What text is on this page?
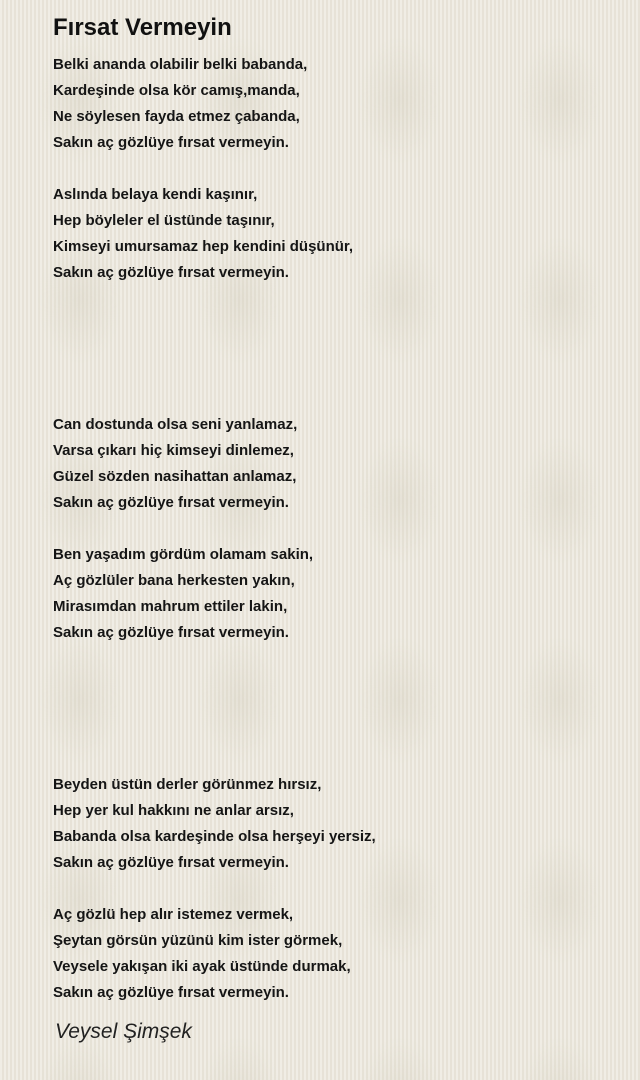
Fırsat Vermeyin
Belki ananda olabilir belki babanda,
Kardeşinde olsa kör camış,manda,
Ne söylesen fayda etmez çabanda,
Sakın aç gözlüye fırsat vermeyin.
Aslında belaya kendi kaşınır,
Hep böyleler el üstünde taşınır,
Kimseyi umursamaz hep kendini düşünür,
Sakın aç gözlüye fırsat vermeyin.
Can dostunda olsa seni yanlamaz,
Varsa çıkarı hiç kimseyi dinlemez,
Güzel sözden nasihattan anlamaz,
Sakın aç gözlüye fırsat vermeyin.
Ben yaşadım gördüm olamam sakin,
Aç gözlüler bana herkesten yakın,
Mirasımdan mahrum ettiler lakin,
Sakın aç gözlüye fırsat vermeyin.
Beyden üstün derler görünmez hırsız,
Hep yer kul hakkını ne anlar arsız,
Babanda olsa kardeşinde olsa herşeyi yersiz,
Sakın aç gözlüye fırsat vermeyin.
Aç gözlü hep alır istemez vermek,
Şeytan görsün yüzünü kim ister görmek,
Veysele yakışan iki ayak üstünde durmak,
Sakın aç gözlüye fırsat vermeyin.
Veysel Şimşek
